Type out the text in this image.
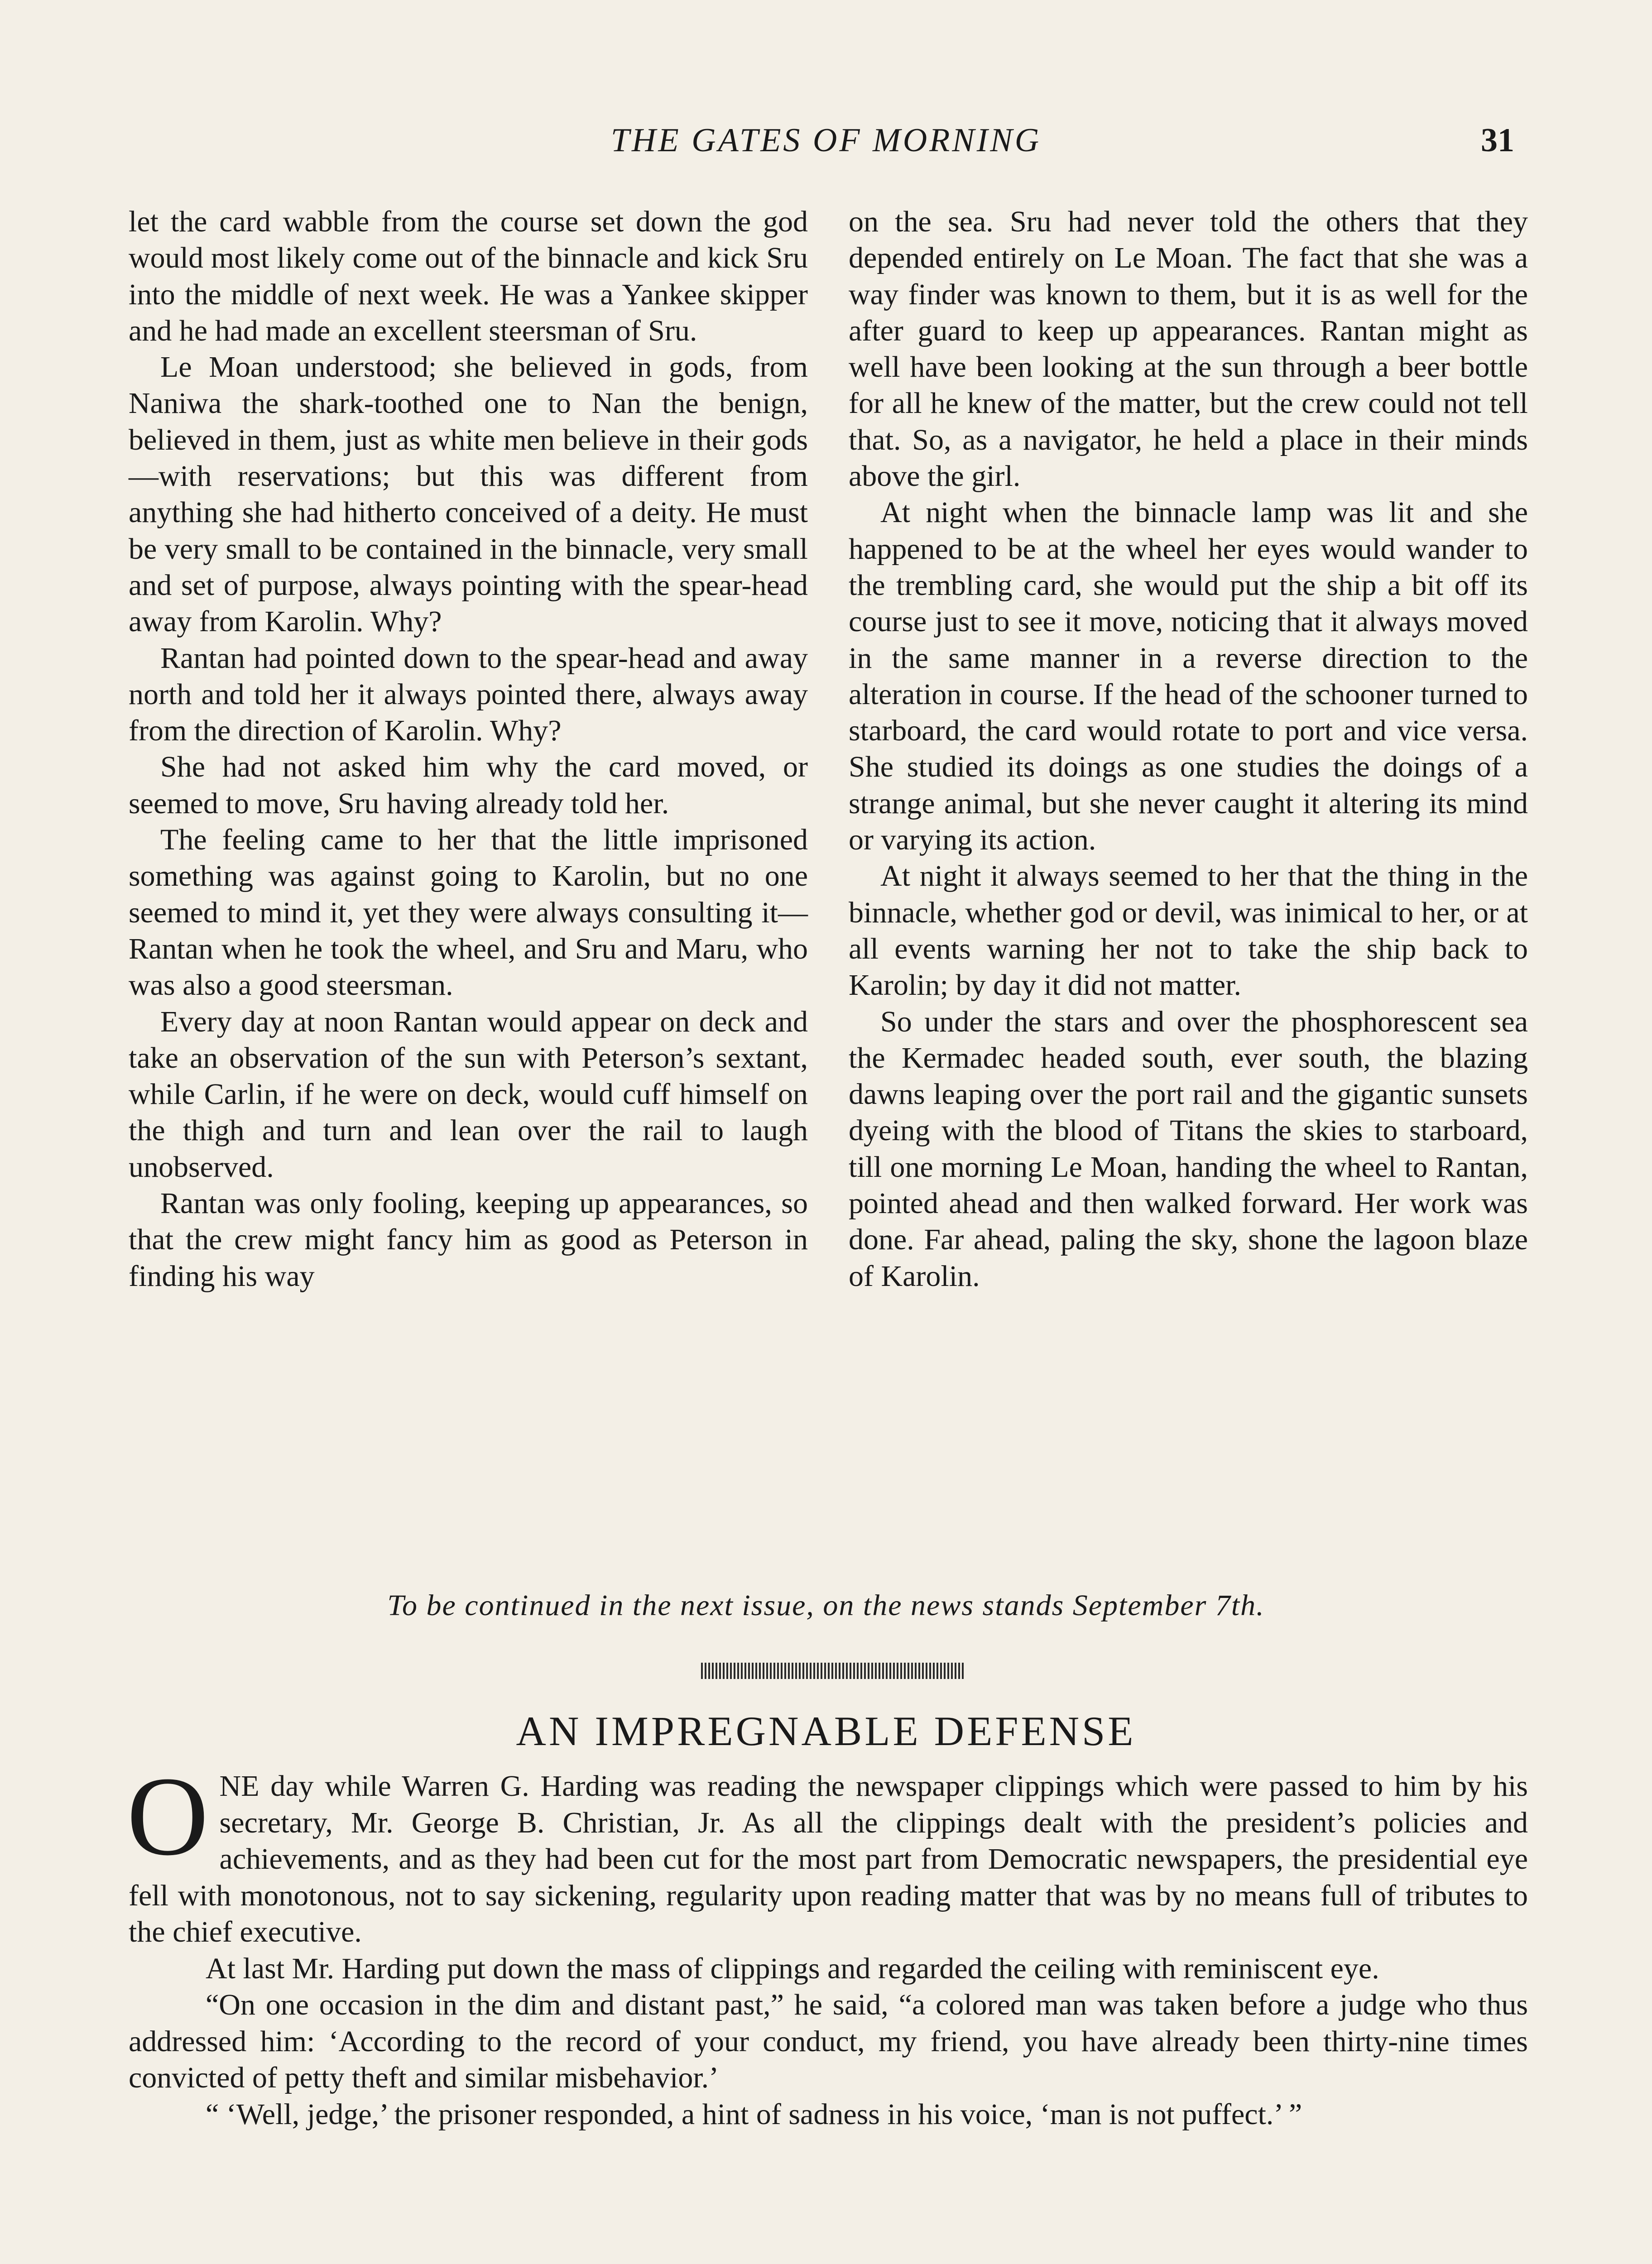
THE GATES OF MORNING	31

let the card wabble from the course set down the god would most likely come out of the binnacle and kick Sru into the middle of next week. He was a Yankee skipper and he had made an excellent steersman of Sru.

Le Moan understood; she believed in gods, from Naniwa the shark-toothed one to Nan the benign, believed in them, just as white men believe in their gods—with reservations; but this was different from anything she had hitherto conceived of a deity. He must be very small to be contained in the binnacle, very small and set of purpose, always pointing with the spear-head away from Karolin. Why?

Rantan had pointed down to the spear-head and away north and told her it always pointed there, always away from the direction of Karolin. Why?

She had not asked him why the card moved, or seemed to move, Sru having already told her.

The feeling came to her that the little imprisoned something was against going to Karolin, but no one seemed to mind it, yet they were always consulting it—Rantan when he took the wheel, and Sru and Maru, who was also a good steersman.

Every day at noon Rantan would appear on deck and take an observation of the sun with Peterson’s sextant, while Carlin, if he were on deck, would cuff himself on the thigh and turn and lean over the rail to laugh unobserved.

Rantan was only fooling, keeping up appearances, so that the crew might fancy him as good as Peterson in finding his way

on the sea. Sru had never told the others that they depended entirely on Le Moan. The fact that she was a way finder was known to them, but it is as well for the after guard to keep up appearances. Rantan might as well have been looking at the sun through a beer bottle for all he knew of the matter, but the crew could not tell that. So, as a navigator, he held a place in their minds above the girl.

At night when the binnacle lamp was lit and she happened to be at the wheel her eyes would wander to the trembling card, she would put the ship a bit off its course just to see it move, noticing that it always moved in the same manner in a reverse direction to the alteration in course. If the head of the schooner turned to starboard, the card would rotate to port and vice versa. She studied its doings as one studies the doings of a strange animal, but she never caught it altering its mind or varying its action.

At night it always seemed to her that the thing in the binnacle, whether god or devil, was inimical to her, or at all events warning her not to take the ship back to Karolin; by day it did not matter.

So under the stars and over the phosphorescent sea the Kermadec headed south, ever south, the blazing dawns leaping over the port rail and the gigantic sunsets dyeing with the blood of Titans the skies to starboard, till one morning Le Moan, handing the wheel to Rantan, pointed ahead and then walked forward. Her work was done. Far ahead, paling the sky, shone the lagoon blaze of Karolin.

To be continued in the next issue, on the news stands September 7th.
AN IMPREGNABLE DEFENSE

ONE day while Warren G. Harding was reading the newspaper clippings which were passed to him by his secretary, Mr. George B. Christian, Jr. As all the clippings dealt with the president’s policies and achievements, and as they had been cut for the most part from Democratic newspapers, the presidential eye fell with monotonous, not to say sickening, regularity upon reading matter that was by no means full of tributes to the chief executive.

At last Mr. Harding put down the mass of clippings and regarded the ceiling with reminiscent eye.

“On one occasion in the dim and distant past,” he said, “a colored man was taken before a judge who thus addressed him: ‘According to the record of your conduct, my friend, you have already been thirty-nine times convicted of petty theft and similar misbehavior.’

“ ‘Well, jedge,’ the prisoner responded, a hint of sadness in his voice, ‘man is not puffect.’ ”
